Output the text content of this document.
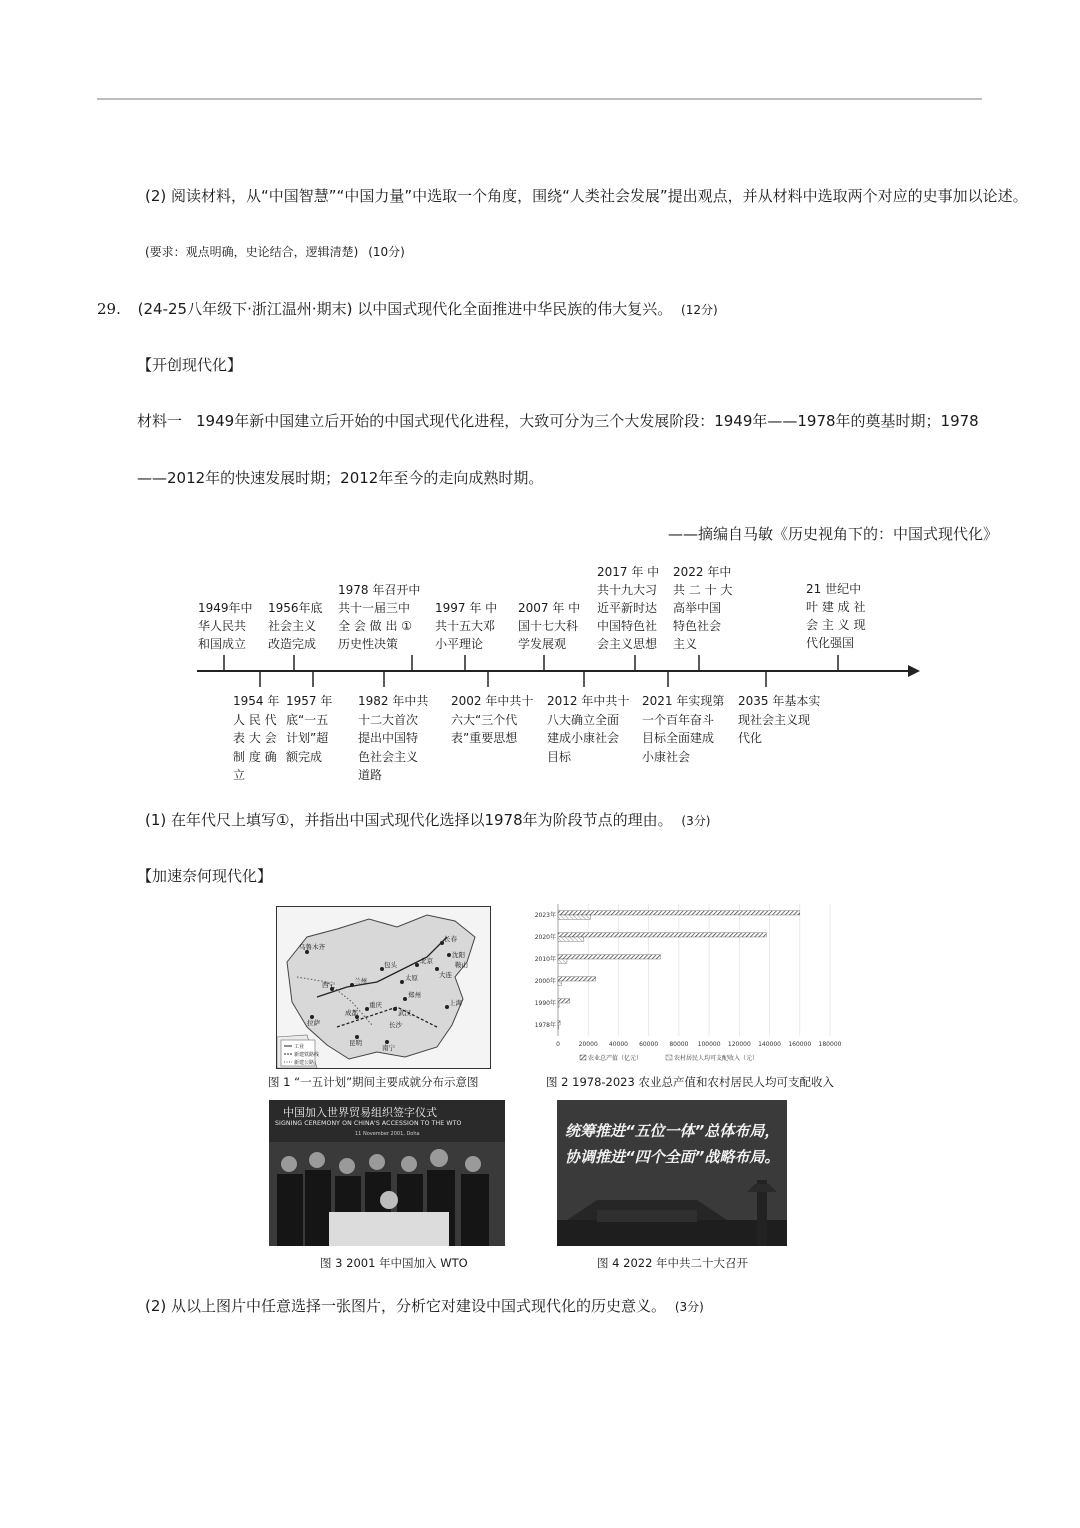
(2) 阅读材料，从“中国智慧”“中国力量”中选取一个角度，围绕“人类社会发展”提出观点，并从材料中选取两个对应的史事加以论述。
(要求：观点明确，史论结合，逻辑清楚) (10分)
29. (24-25八年级下·浙江温州·期末) 以中国式现代化全面推进中华民族的伟大复兴。 (12分)
【开创现代化】
材料一 1949年新中国建立后开始的中国式现代化进程，大致可分为三个大发展阶段：1949年——1978年的奠基时期；1978
——2012年的快速发展时期；2012年至今的走向成熟时期。
——摘编自马敏《历史视角下的：中国式现代化》
1949年中
华人民共
和国成立
1956年底
社会主义
改造完成
1978 年召开中
共十一届三中
全 会 做 出 ①
历史性决策
1997 年 中
共十五大邓
小平理论
2007 年 中
国十七大科
学发展观
2017 年 中
共十九大习
近平新时达
中国特色社
会主义思想
2022 年中
共 二 十 大
高举中国
特色社会
主义
21 世纪中
叶 建 成 社
会 主 义 现
代化强国
1954 年
人 民 代
表 大 会
制 度 确
立
1957 年
底“一五
计划”超
额完成
1982 年中共
十二大首次
提出中国特
色社会主义
道路
2002 年中共十
六大“三个代
表”重要思想
2012 年中共十
八大确立全面
建成小康社会
目标
2021 年实现第
一个百年奋斗
目标全面建成
小康社会
2035 年基本实
现社会主义现
代化
(1) 在年代尺上填写①，并指出中国式现代化选择以1978年为阶段节点的理由。 (3分)
【加速奈何现代化】
北京
长春
沈阳
鞍山
大连
太原
郑州
武汉
长沙
重庆
成都
包头
兰州
西宁
拉萨
昆明
南宁
乌鲁木齐
上海
工业
新建铁路线
新建公路
图 1 “一五计划”期间主要成就分布示意图
0	20000 40000 60000 80000 100000 120000 140000 160000 180000
1978年
1990年
2000年
2010年
2020年
2023年
农业总产值（亿元）	农村居民人均可支配收入（元）
图 2 1978-2023 农业总产值和农村居民人均可支配收入
中国加入世界贸易组织签字仪式
SIGNING CEREMONY ON CHINA'S ACCESSION TO THE WTO
11 November 2001, Doha
图 3 2001 年中国加入 WTO
统筹推进“五位一体”总体布局，
协调推进“四个全面”战略布局。
图 4 2022 年中共二十大召开
(2) 从以上图片中任意选择一张图片，分析它对建设中国式现代化的历史意义。 (3分)
